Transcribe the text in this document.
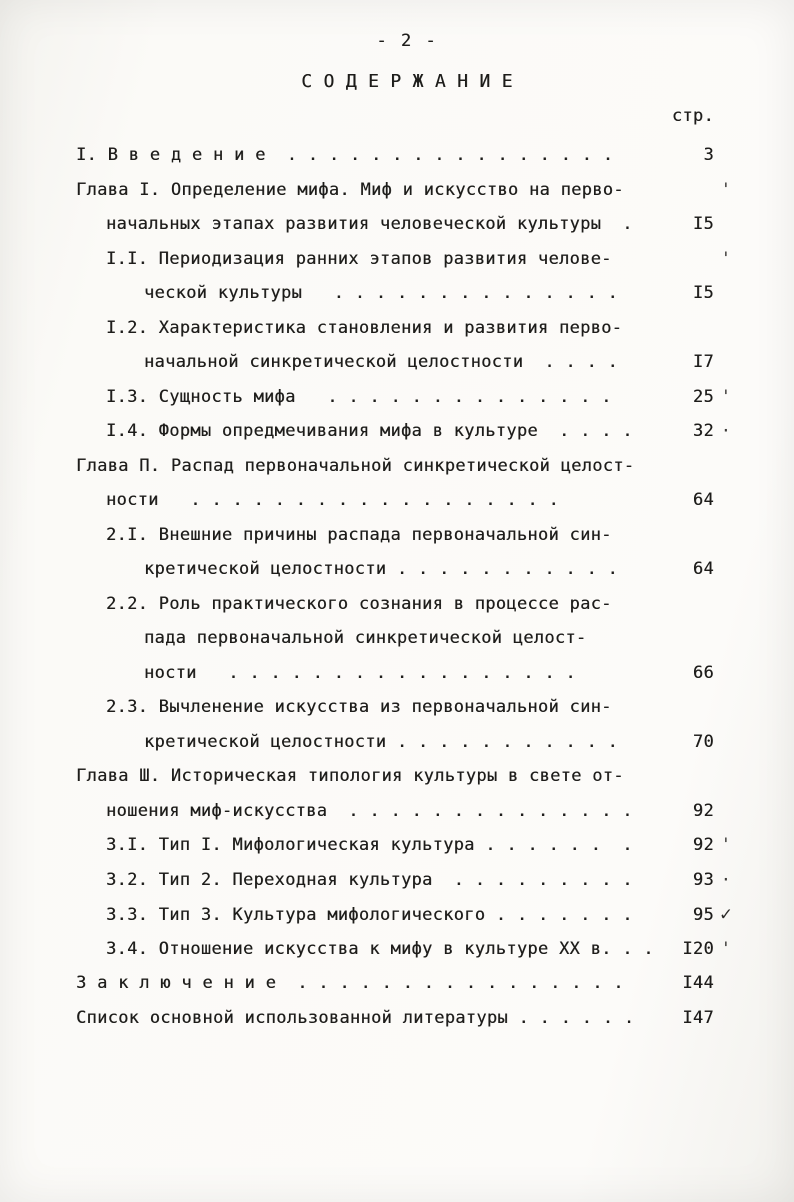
- 2 -
С О Д Е Р Ж А Н И Е
стр.
I. В в е д е н и е . . . . . . . . . . . . . . . .	3
Глава I. Определение мифа. Миф и искусство на перво-	'
начальных этапах развития человеческой культуры .	I5
I.I. Периодизация ранних этапов развития челове-	'
ческой культуры . . . . . . . . . . . . . .	I5
I.2. Характеристика становления и развития перво-
начальной синкретической целостности . . . .	I7
I.3. Сущность мифа . . . . . . . . . . . . . .	25 '
I.4. Формы опредмечивания мифа в культуре . . . .	32 ·
Глава П. Распад первоначальной синкретической целост-
ности . . . . . . . . . . . . . . . . . .	64
2.I. Внешние причины распада первоначальной син-
кретической целостности . . . . . . . . . . .	64
2.2. Роль практического сознания в процессе рас-
пада первоначальной синкретической целост-
ности . . . . . . . . . . . . . . . . .	66
2.3. Вычленение искусства из первоначальной син-
кретической целостности . . . . . . . . . . .	70
Глава Ш. Историческая типология культуры в свете от-
ношения миф-искусства . . . . . . . . . . . . . .	92
3.I. Тип I. Мифологическая культура . . . . . .  .	92 '
3.2. Тип 2. Переходная культура . . . . . . . . .	93 ·
3.3. Тип 3. Культура мифологического . . . . . . .	95 ✓
3.4. Отношение искусства к мифу в культуре XX в. . .	I20 '
З а к л ю ч е н и е . . . . . . . . . . . . . . . .	I44
Список основной использованной литературы . . . . . .	I47
